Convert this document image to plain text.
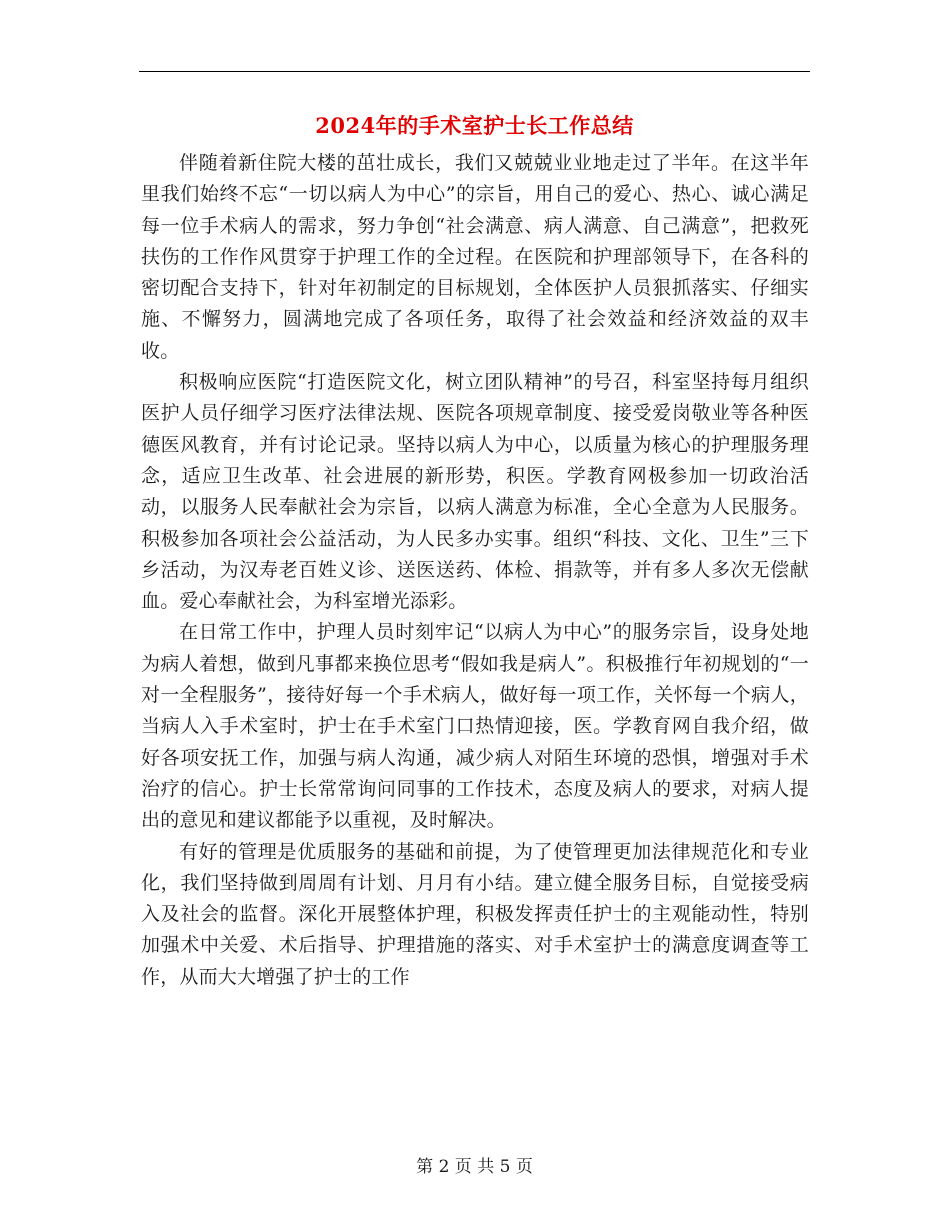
2024年的手术室护士长工作总结

伴随着新住院大楼的茁壮成长，我们又兢兢业业地走过了半年。在这半年里我们始终不忘“一切以病人为中心”的宗旨，用自己的爱心、热心、诚心满足每一位手术病人的需求，努力争创“社会满意、病人满意、自己满意”，把救死扶伤的工作作风贯穿于护理工作的全过程。在医院和护理部领导下，在各科的密切配合支持下，针对年初制定的目标规划，全体医护人员狠抓落实、仔细实施、不懈努力，圆满地完成了各项任务，取得了社会效益和经济效益的双丰收。

积极响应医院“打造医院文化，树立团队精神”的号召，科室坚持每月组织医护人员仔细学习医疗法律法规、医院各项规章制度、接受爱岗敬业等各种医德医风教育，并有讨论记录。坚持以病人为中心，以质量为核心的护理服务理念，适应卫生改革、社会进展的新形势，积医。学教育网极参加一切政治活动，以服务人民奉献社会为宗旨，以病人满意为标准，全心全意为人民服务。积极参加各项社会公益活动，为人民多办实事。组织“科技、文化、卫生”三下乡活动，为汉寿老百姓义诊、送医送药、体检、捐款等，并有多人多次无偿献血。爱心奉献社会，为科室增光添彩。

在日常工作中，护理人员时刻牢记“以病人为中心”的服务宗旨，设身处地为病人着想，做到凡事都来换位思考“假如我是病人”。积极推行年初规划的“一对一全程服务”，接待好每一个手术病人，做好每一项工作，关怀每一个病人，当病人入手术室时，护士在手术室门口热情迎接，医。学教育网自我介绍，做好各项安抚工作，加强与病人沟通，减少病人对陌生环境的恐惧，增强对手术治疗的信心。护士长常常询问同事的工作技术，态度及病人的要求，对病人提出的意见和建议都能予以重视，及时解决。

有好的管理是优质服务的基础和前提，为了使管理更加法律规范化和专业化，我们坚持做到周周有计划、月月有小结。建立健全服务目标，自觉接受病入及社会的监督。深化开展整体护理，积极发挥责任护士的主观能动性，特别加强术中关爱、术后指导、护理措施的落实、对手术室护士的满意度调查等工作，从而大大增强了护士的工作

第 2 页 共 5 页
